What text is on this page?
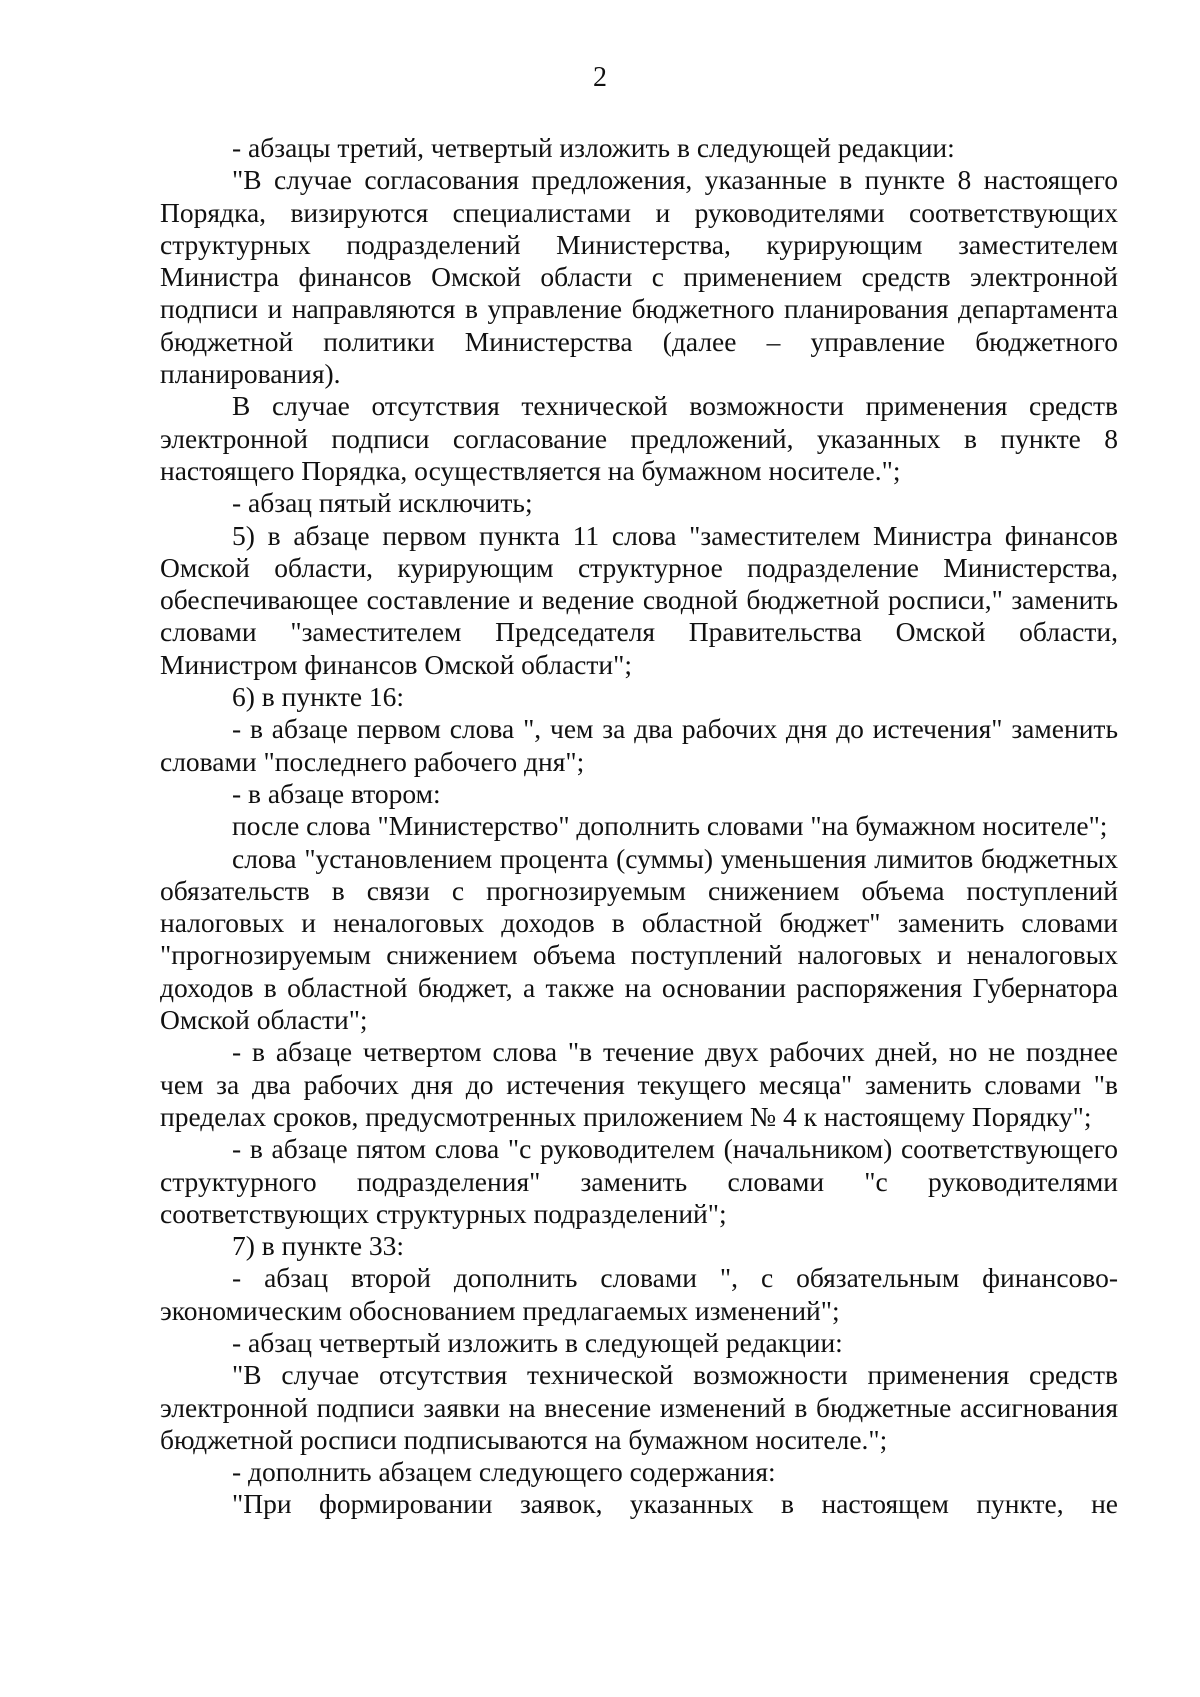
2

- абзацы третий, четвертый изложить в следующей редакции:

"В случае согласования предложения, указанные в пункте 8 настоящего Порядка, визируются специалистами и руководителями соответствующих структурных подразделений Министерства, курирующим заместителем Министра финансов Омской области с применением средств электронной подписи и направляются в управление бюджетного планирования департамента бюджетной политики Министерства (далее – управление бюджетного планирования).

В случае отсутствия технической возможности применения средств электронной подписи согласование предложений, указанных в пункте 8 настоящего Порядка, осуществляется на бумажном носителе.";

- абзац пятый исключить;

5) в абзаце первом пункта 11 слова "заместителем Министра финансов Омской области, курирующим структурное подразделение Министерства, обеспечивающее составление и ведение сводной бюджетной росписи," заменить словами "заместителем Председателя Правительства Омской области, Министром финансов Омской области";

6) в пункте 16:

- в абзаце первом слова ", чем за два рабочих дня до истечения" заменить словами "последнего рабочего дня";

- в абзаце втором:

после слова "Министерство" дополнить словами "на бумажном носителе";

слова "установлением процента (суммы) уменьшения лимитов бюджетных обязательств в связи с прогнозируемым снижением объема поступлений налоговых и неналоговых доходов в областной бюджет" заменить словами "прогнозируемым снижением объема поступлений налоговых и неналоговых доходов в областной бюджет, а также на основании распоряжения Губернатора Омской области";

- в абзаце четвертом слова "в течение двух рабочих дней, но не позднее чем за два рабочих дня до истечения текущего месяца" заменить словами "в пределах сроков, предусмотренных приложением № 4 к настоящему Порядку";

- в абзаце пятом слова "с руководителем (начальником) соответствующего структурного подразделения" заменить словами "с руководителями соответствующих структурных подразделений";

7) в пункте 33:

- абзац второй дополнить словами ", с обязательным финансово-экономическим обоснованием предлагаемых изменений";

- абзац четвертый изложить в следующей редакции:

"В случае отсутствия технической возможности применения средств электронной подписи заявки на внесение изменений в бюджетные ассигнования бюджетной росписи подписываются на бумажном носителе.";

- дополнить абзацем следующего содержания:

"При формировании заявок, указанных в настоящем пункте, не
